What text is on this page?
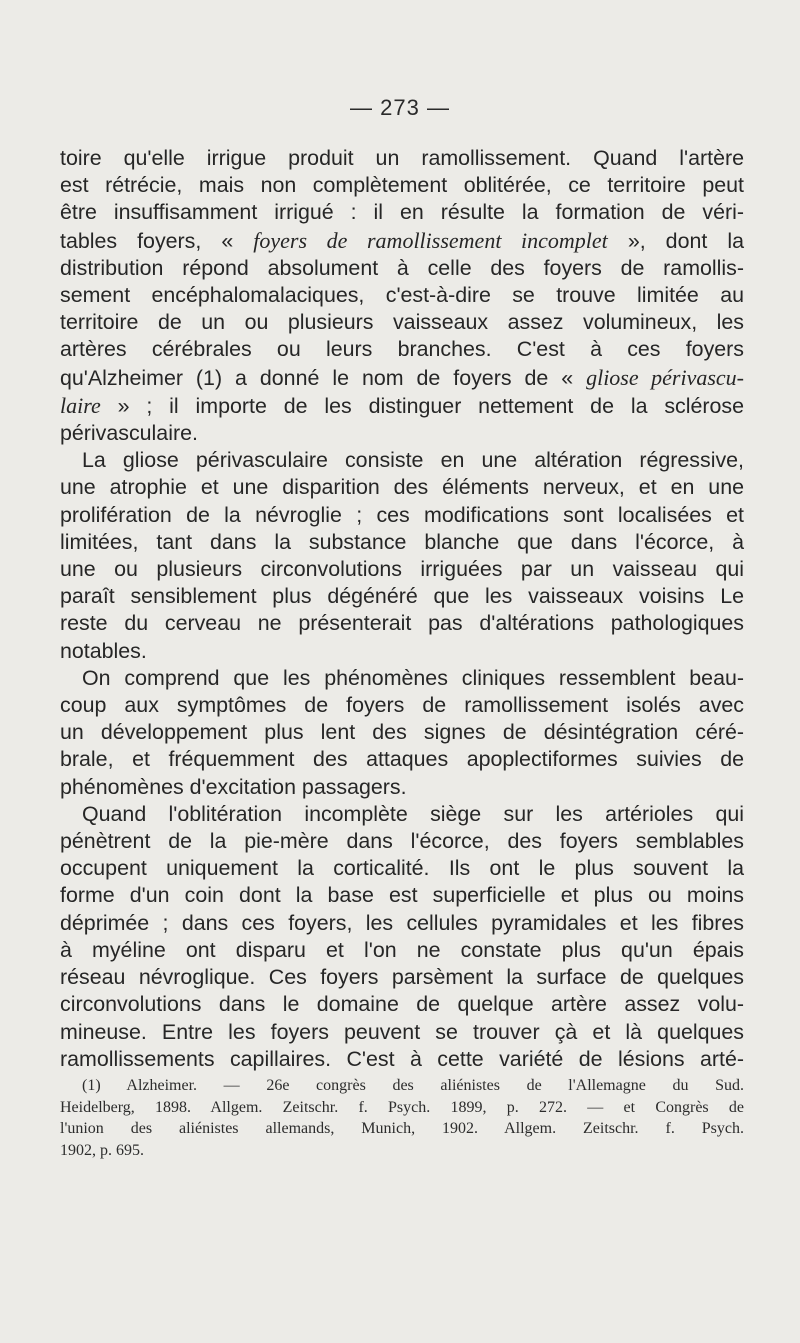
— 273 —

toire qu'elle irrigue produit un ramollissement. Quand l'artère
est rétrécie, mais non complètement oblitérée, ce territoire peut
être insuffisamment irrigué : il en résulte la formation de véri-
tables foyers, « foyers de ramollissement incomplet », dont la
distribution répond absolument à celle des foyers de ramollis-
sement encéphalomalaciques, c'est-à-dire se trouve limitée au
territoire de un ou plusieurs vaisseaux assez volumineux, les
artères cérébrales ou leurs branches. C'est à ces foyers
qu'Alzheimer (1) a donné le nom de foyers de « gliose périvascu-
laire » ; il importe de les distinguer nettement de la sclérose
périvasculaire.

La gliose périvasculaire consiste en une altération régressive,
une atrophie et une disparition des éléments nerveux, et en une
prolifération de la névroglie ; ces modifications sont localisées et
limitées, tant dans la substance blanche que dans l'écorce, à
une ou plusieurs circonvolutions irriguées par un vaisseau qui
paraît sensiblement plus dégénéré que les vaisseaux voisins Le
reste du cerveau ne présenterait pas d'altérations pathologiques
notables.

On comprend que les phénomènes cliniques ressemblent beau-
coup aux symptômes de foyers de ramollissement isolés avec
un développement plus lent des signes de désintégration céré-
brale, et fréquemment des attaques apoplectiformes suivies de
phénomènes d'excitation passagers.

Quand l'oblitération incomplète siège sur les artérioles qui
pénètrent de la pie-mère dans l'écorce, des foyers semblables
occupent uniquement la corticalité. Ils ont le plus souvent la
forme d'un coin dont la base est superficielle et plus ou moins
déprimée ; dans ces foyers, les cellules pyramidales et les fibres
à myéline ont disparu et l'on ne constate plus qu'un épais
réseau névroglique. Ces foyers parsèment la surface de quelques
circonvolutions dans le domaine de quelque artère assez volu-
mineuse. Entre les foyers peuvent se trouver çà et là quelques
ramollissements capillaires. C'est à cette variété de lésions arté-

(1) Alzheimer. — 26e congrès des aliénistes de l'Allemagne du Sud.
Heidelberg, 1898. Allgem. Zeitschr. f. Psych. 1899, p. 272. — et Congrès de
l'union des aliénistes allemands, Munich, 1902. Allgem. Zeitschr. f. Psych.
1902, p. 695.
